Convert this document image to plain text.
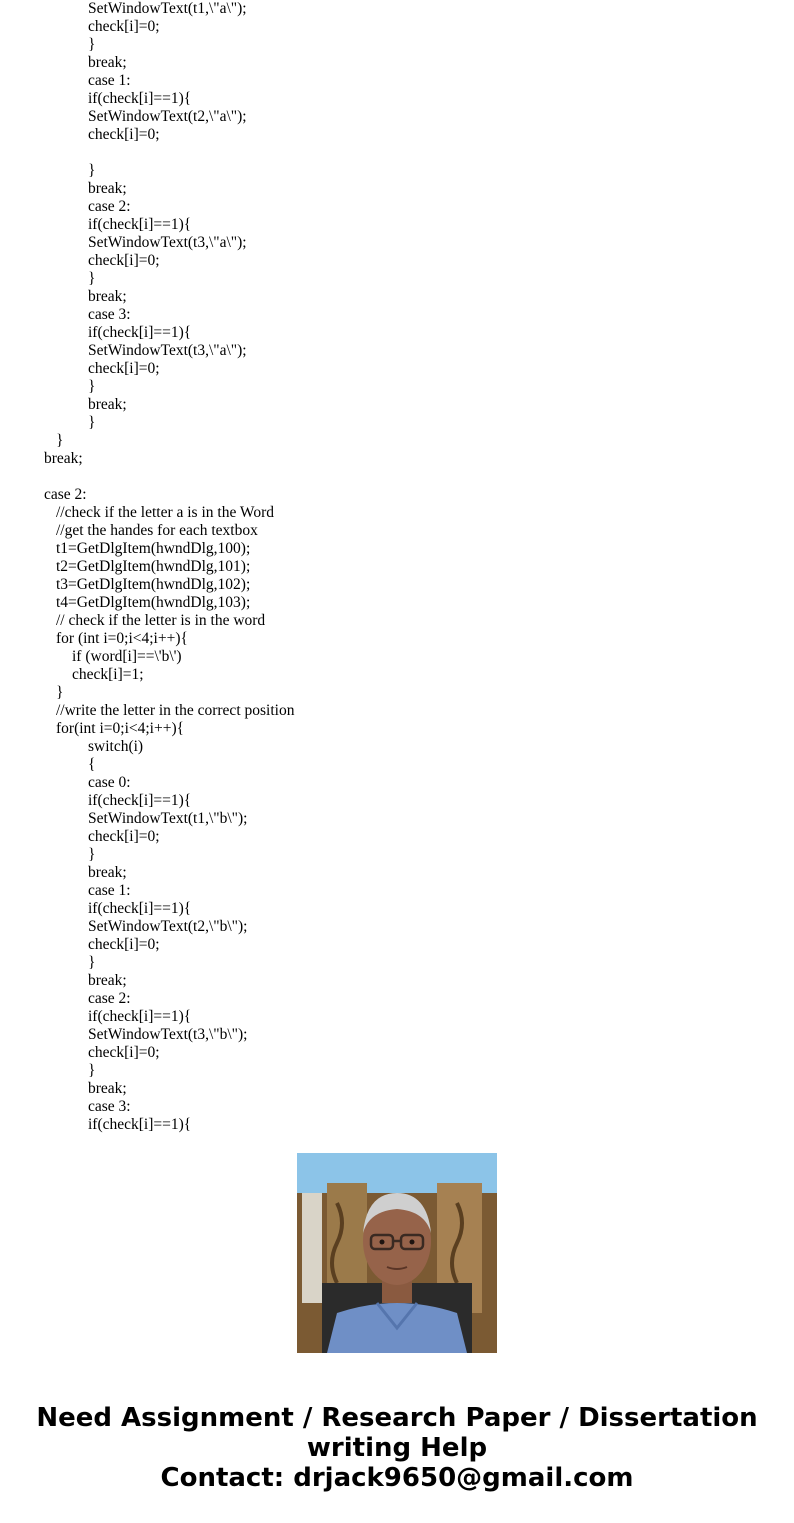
SetWindowText(t1,\"a\");
check[i]=0;
}
break;
case 1:
if(check[i]==1){
SetWindowText(t2,\"a\");
check[i]=0;
}
break;
case 2:
if(check[i]==1){
SetWindowText(t3,\"a\");
check[i]=0;
}
break;
case 3:
if(check[i]==1){
SetWindowText(t3,\"a\");
check[i]=0;
}
break;
}
}
break;
case 2:
//check if the letter a is in the Word
//get the handes for each textbox
t1=GetDlgItem(hwndDlg,100);
t2=GetDlgItem(hwndDlg,101);
t3=GetDlgItem(hwndDlg,102);
t4=GetDlgItem(hwndDlg,103);
// check if the letter is in the word
for (int i=0;i<4;i++){
if (word[i]==\'b\')
check[i]=1;
}
//write the letter in the correct position
for(int i=0;i<4;i++){
switch(i)
{
case 0:
if(check[i]==1){
SetWindowText(t1,\"b\");
check[i]=0;
}
break;
case 1:
if(check[i]==1){
SetWindowText(t2,\"b\");
check[i]=0;
}
break;
case 2:
if(check[i]==1){
SetWindowText(t3,\"b\");
check[i]=0;
}
break;
case 3:
if(check[i]==1){
Need Assignment / Research Paper / Dissertation
writing Help
Contact: drjack9650@gmail.com
